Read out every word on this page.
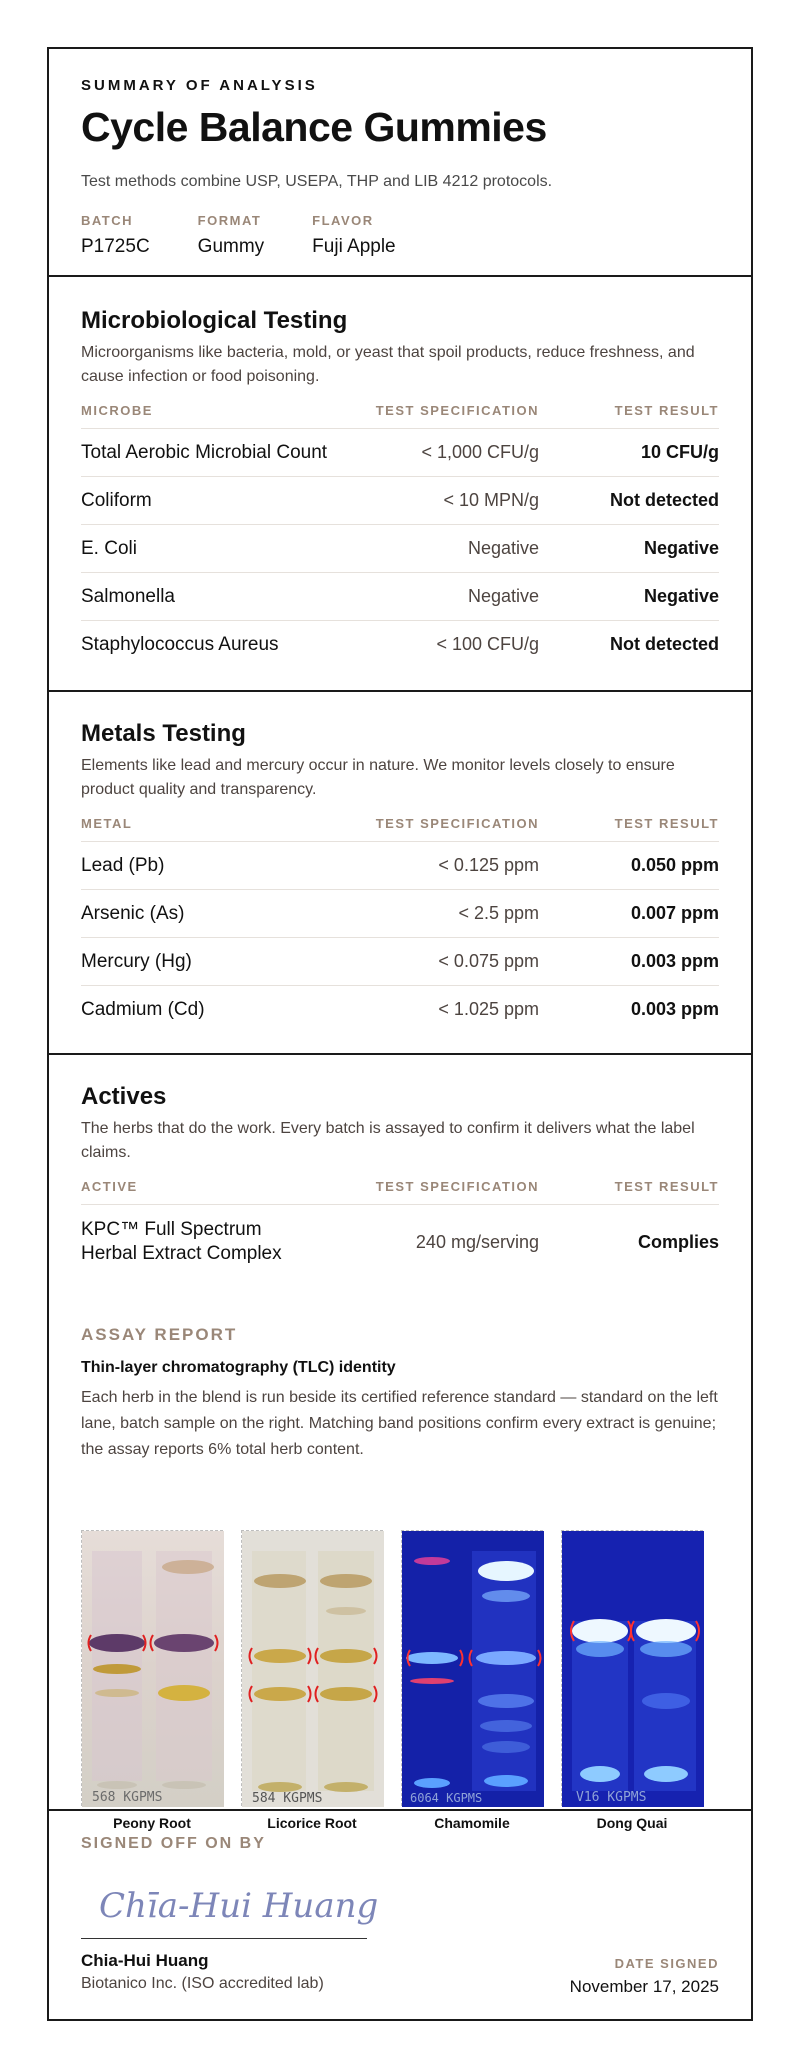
SUMMARY OF ANALYSIS
Cycle Balance Gummies
Test methods combine USP, USEPA, THP and LIB 4212 protocols.
BATCH
P1725C
FORMAT
Gummy
FLAVOR
Fuji Apple
Microbiological Testing
Microorganisms like bacteria, mold, or yeast that spoil products, reduce freshness, and cause infection or food poisoning.
MICROBE	TEST SPECIFICATION	TEST RESULT
Total Aerobic Microbial Count	< 1,000 CFU/g	10 CFU/g
Coliform	< 10 MPN/g	Not detected
E. Coli	Negative	Negative
Salmonella	Negative	Negative
Staphylococcus Aureus	< 100 CFU/g	Not detected
Metals Testing
Elements like lead and mercury occur in nature. We monitor levels closely to ensure product quality and transparency.
METAL	TEST SPECIFICATION	TEST RESULT
Lead (Pb)	< 0.125 ppm	0.050 ppm
Arsenic (As)	< 2.5 ppm	0.007 ppm
Mercury (Hg)	< 0.075 ppm	0.003 ppm
Cadmium (Cd)	< 1.025 ppm	0.003 ppm
Actives
The herbs that do the work. Every batch is assayed to confirm it delivers what the label claims.
ACTIVE	TEST SPECIFICATION	TEST RESULT
KPC™ Full Spectrum Herbal Extract Complex
240 mg/serving	Complies
ASSAY REPORT
Thin-layer chromatography (TLC) identity
Each herb in the blend is run beside its certified reference standard — standard on the left lane, batch sample on the right. Matching band positions confirm every extract is genuine; the assay reports 6% total herb content.
568 KGPMS	584 KGPMS	6064 KGPMS	V16 KGPMS
Peony Root	Licorice Root	Chamomile	Dong Quai
SIGNED OFF ON BY
Chīa-Hui Huang
Chia-Hui Huang
Biotanico Inc. (ISO accredited lab)
DATE SIGNED
November 17, 2025
